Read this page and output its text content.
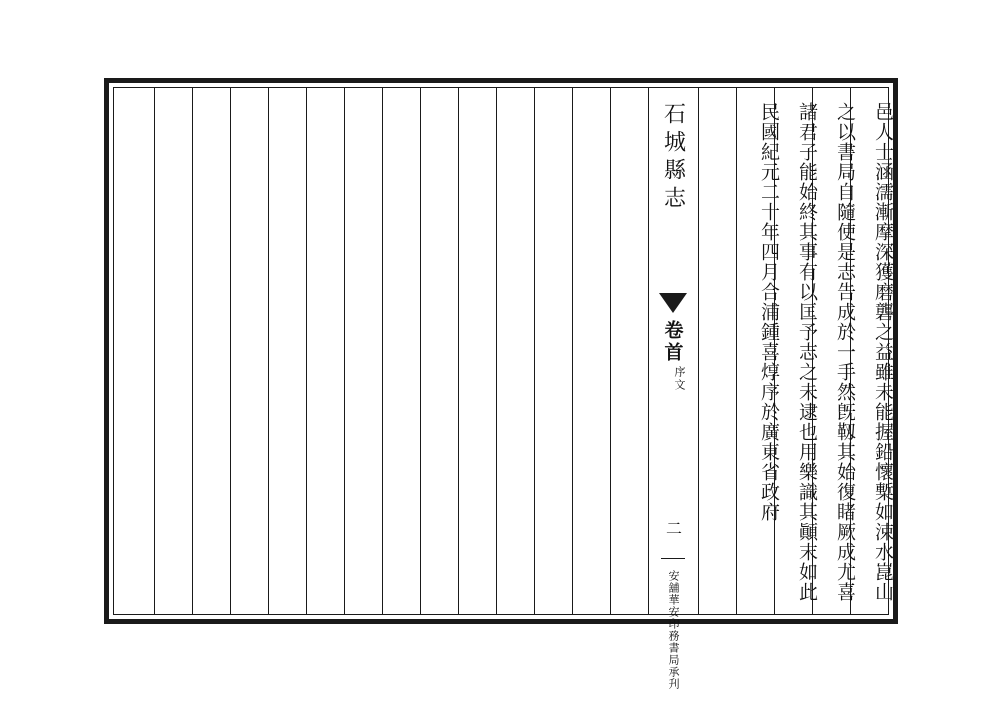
石城縣志
卷首
序文
二
安舖華安印務書局承刋
邑人士涵濡漸摩深獲磨礱之益雖未能握鉛懷槧如涑水崑山
之以書局自隨使是志告成於一手然旣靱其始復睹厥成尤喜
諸君子能始終其事有以匡予志之未逮也用樂識其顚末如此
民國紀元二十年四月合浦鍾喜焞序於廣東省政府
